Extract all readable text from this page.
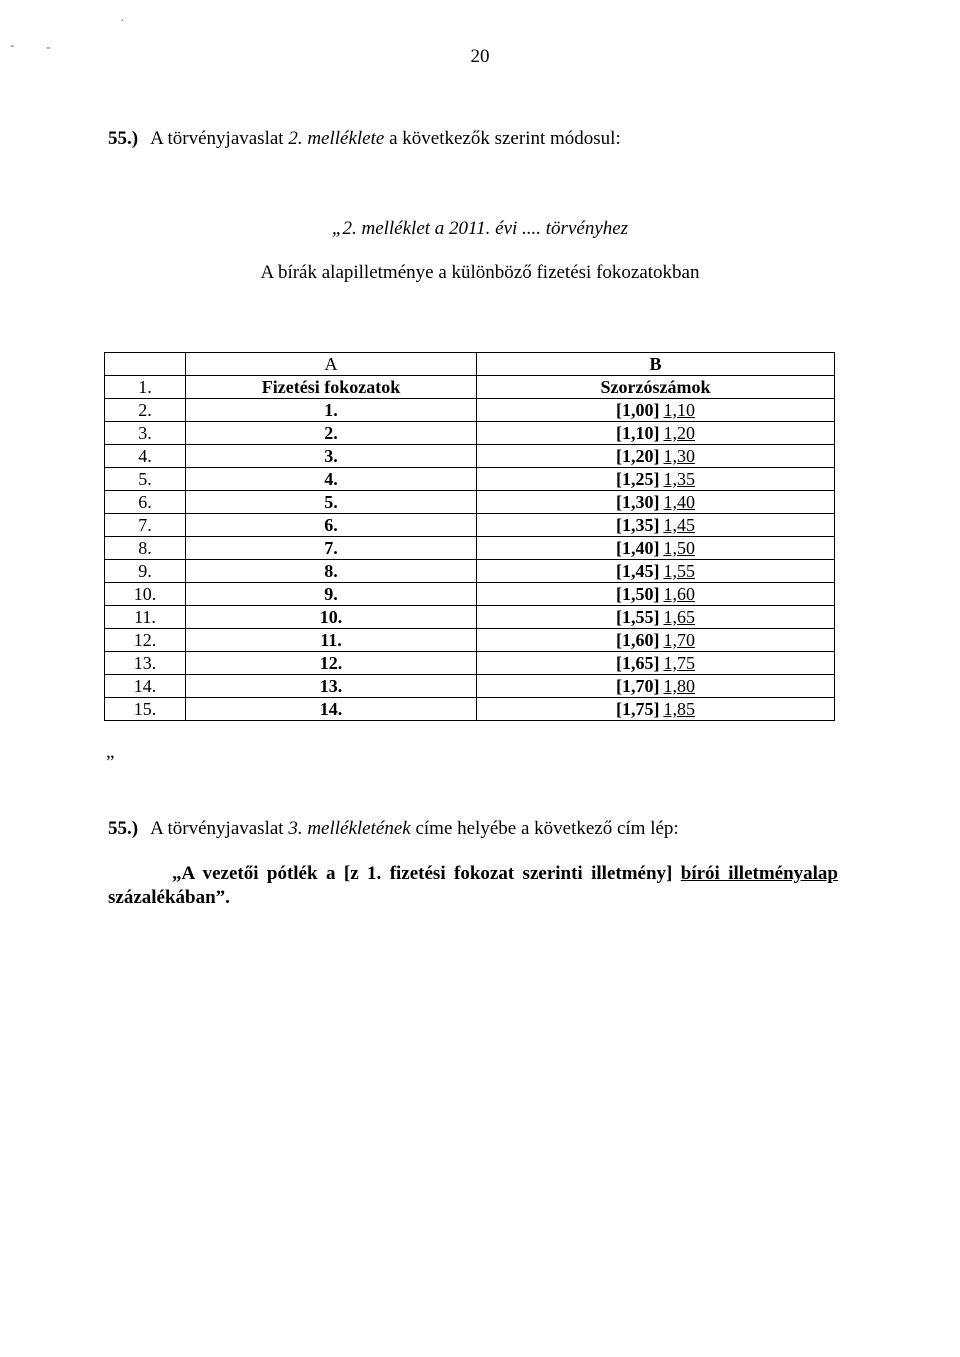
·
- -	20
55.) A törvényjavaslat 2. melléklete a következők szerint módosul:
„2. melléklet a 2011. évi .... törvényhez
A bírák alapilletménye a különböző fizetési fokozatokban
	A	B
1.	Fizetési fokozatok	Szorzószámok
2.	1.	[1,00] 1,10
3.	2.	[1,10] 1,20
4.	3.	[1,20] 1,30
5.	4.	[1,25] 1,35
6.	5.	[1,30] 1,40
7.	6.	[1,35] 1,45
8.	7.	[1,40] 1,50
9.	8.	[1,45] 1,55
10.	9.	[1,50] 1,60
11.	10.	[1,55] 1,65
12.	11.	[1,60] 1,70
13.	12.	[1,65] 1,75
14.	13.	[1,70] 1,80
15.	14.	[1,75] 1,85
”
55.) A törvényjavaslat 3. mellékletének címe helyébe a következő cím lép:
„A vezetői pótlék a [z 1. fizetési fokozat szerinti illetmény] bírói illetményalap százalékában”.
